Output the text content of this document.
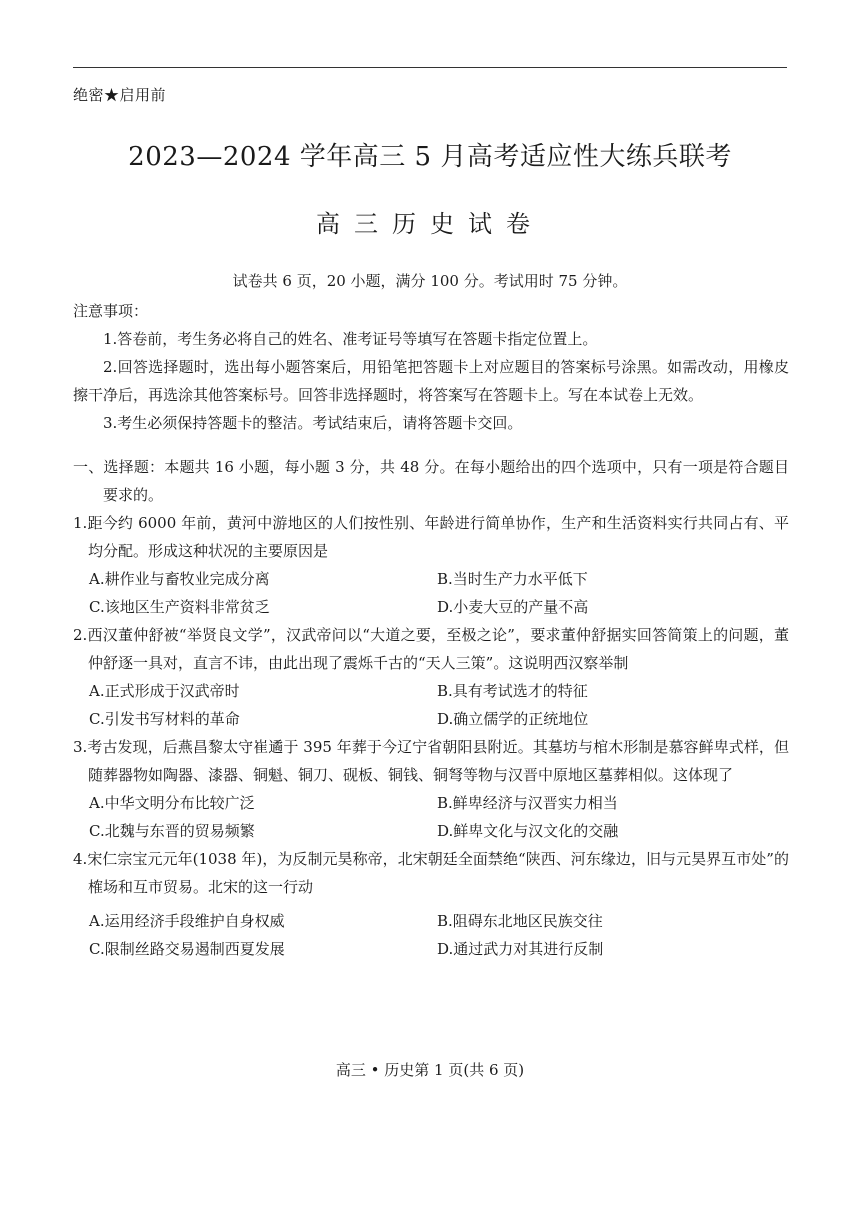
绝密★启用前
2023—2024 学年高三 5 月高考适应性大练兵联考
高三历史试卷
试卷共 6 页，20 小题，满分 100 分。考试用时 75 分钟。

注意事项：

1.答卷前，考生务必将自己的姓名、准考证号等填写在答题卡指定位置上。

2.回答选择题时，选出每小题答案后，用铅笔把答题卡上对应题目的答案标号涂黑。如需改动，用橡皮擦干净后，再选涂其他答案标号。回答非选择题时，将答案写在答题卡上。写在本试卷上无效。

3.考生必须保持答题卡的整洁。考试结束后，请将答题卡交回。

一、选择题：本题共 16 小题，每小题 3 分，共 48 分。在每小题给出的四个选项中，只有一项是符合题目要求的。

1.距今约 6000 年前，黄河中游地区的人们按性别、年龄进行简单协作，生产和生活资料实行共同占有、平均分配。形成这种状况的主要原因是

A.耕作业与畜牧业完成分离	B.当时生产力水平低下
C.该地区生产资料非常贫乏	D.小麦大豆的产量不高

2.西汉董仲舒被“举贤良文学”，汉武帝问以“大道之要，至极之论”，要求董仲舒据实回答简策上的问题，董仲舒逐一具对，直言不讳，由此出现了震烁千古的“天人三策”。这说明西汉察举制

A.正式形成于汉武帝时	B.具有考试选才的特征
C.引发书写材料的革命	D.确立儒学的正统地位

3.考古发现，后燕昌黎太守崔遹于 395 年葬于今辽宁省朝阳县附近。其墓坊与棺木形制是慕容鲜卑式样，但随葬器物如陶器、漆器、铜魁、铜刀、砚板、铜钱、铜弩等物与汉晋中原地区墓葬相似。这体现了

A.中华文明分布比较广泛	B.鲜卑经济与汉晋实力相当
C.北魏与东晋的贸易频繁	D.鲜卑文化与汉文化的交融

4.宋仁宗宝元元年(1038 年)，为反制元昊称帝，北宋朝廷全面禁绝“陕西、河东缘边，旧与元昊界互市处”的榷场和互市贸易。北宋的这一行动

A.运用经济手段维护自身权威	B.阻碍东北地区民族交往
C.限制丝路交易遏制西夏发展	D.通过武力对其进行反制
高三 • 历史第 1 页(共 6 页)
